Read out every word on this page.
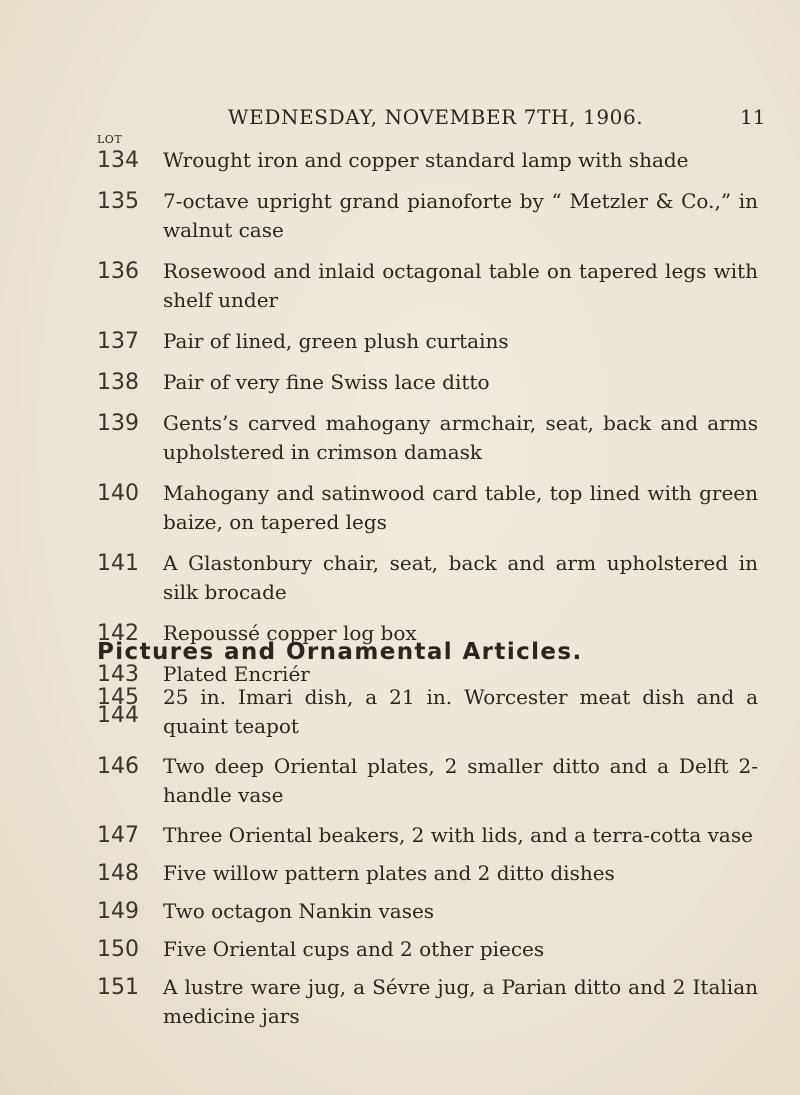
WEDNESDAY, NOVEMBER 7TH, 1906.	11
LOT
134 Wrought iron and copper standard lamp with shade
135 7-octave upright grand pianoforte by “ Metzler & Co.,” in walnut case
136 Rosewood and inlaid octagonal table on tapered legs with shelf under
137 Pair of lined, green plush curtains
138 Pair of very fine Swiss lace ditto
139 Gents’s carved mahogany armchair, seat, back and arms upholstered in crimson damask
140 Mahogany and satinwood card table, top lined with green baize, on tapered legs
141 A Glastonbury chair, seat, back and arm upholstered in silk brocade
142 Repoussé copper log box
143 Plated Encriér
144
Pictures and Ornamental Articles.
145 25 in. Imari dish, a 21 in. Worcester meat dish and a quaint teapot
146 Two deep Oriental plates, 2 smaller ditto and a Delft 2-handle vase
147 Three Oriental beakers, 2 with lids, and a terra-cotta vase
148 Five willow pattern plates and 2 ditto dishes
149 Two octagon Nankin vases
150 Five Oriental cups and 2 other pieces
151 A lustre ware jug, a Sévre jug, a Parian ditto and 2 Italian medicine jars
